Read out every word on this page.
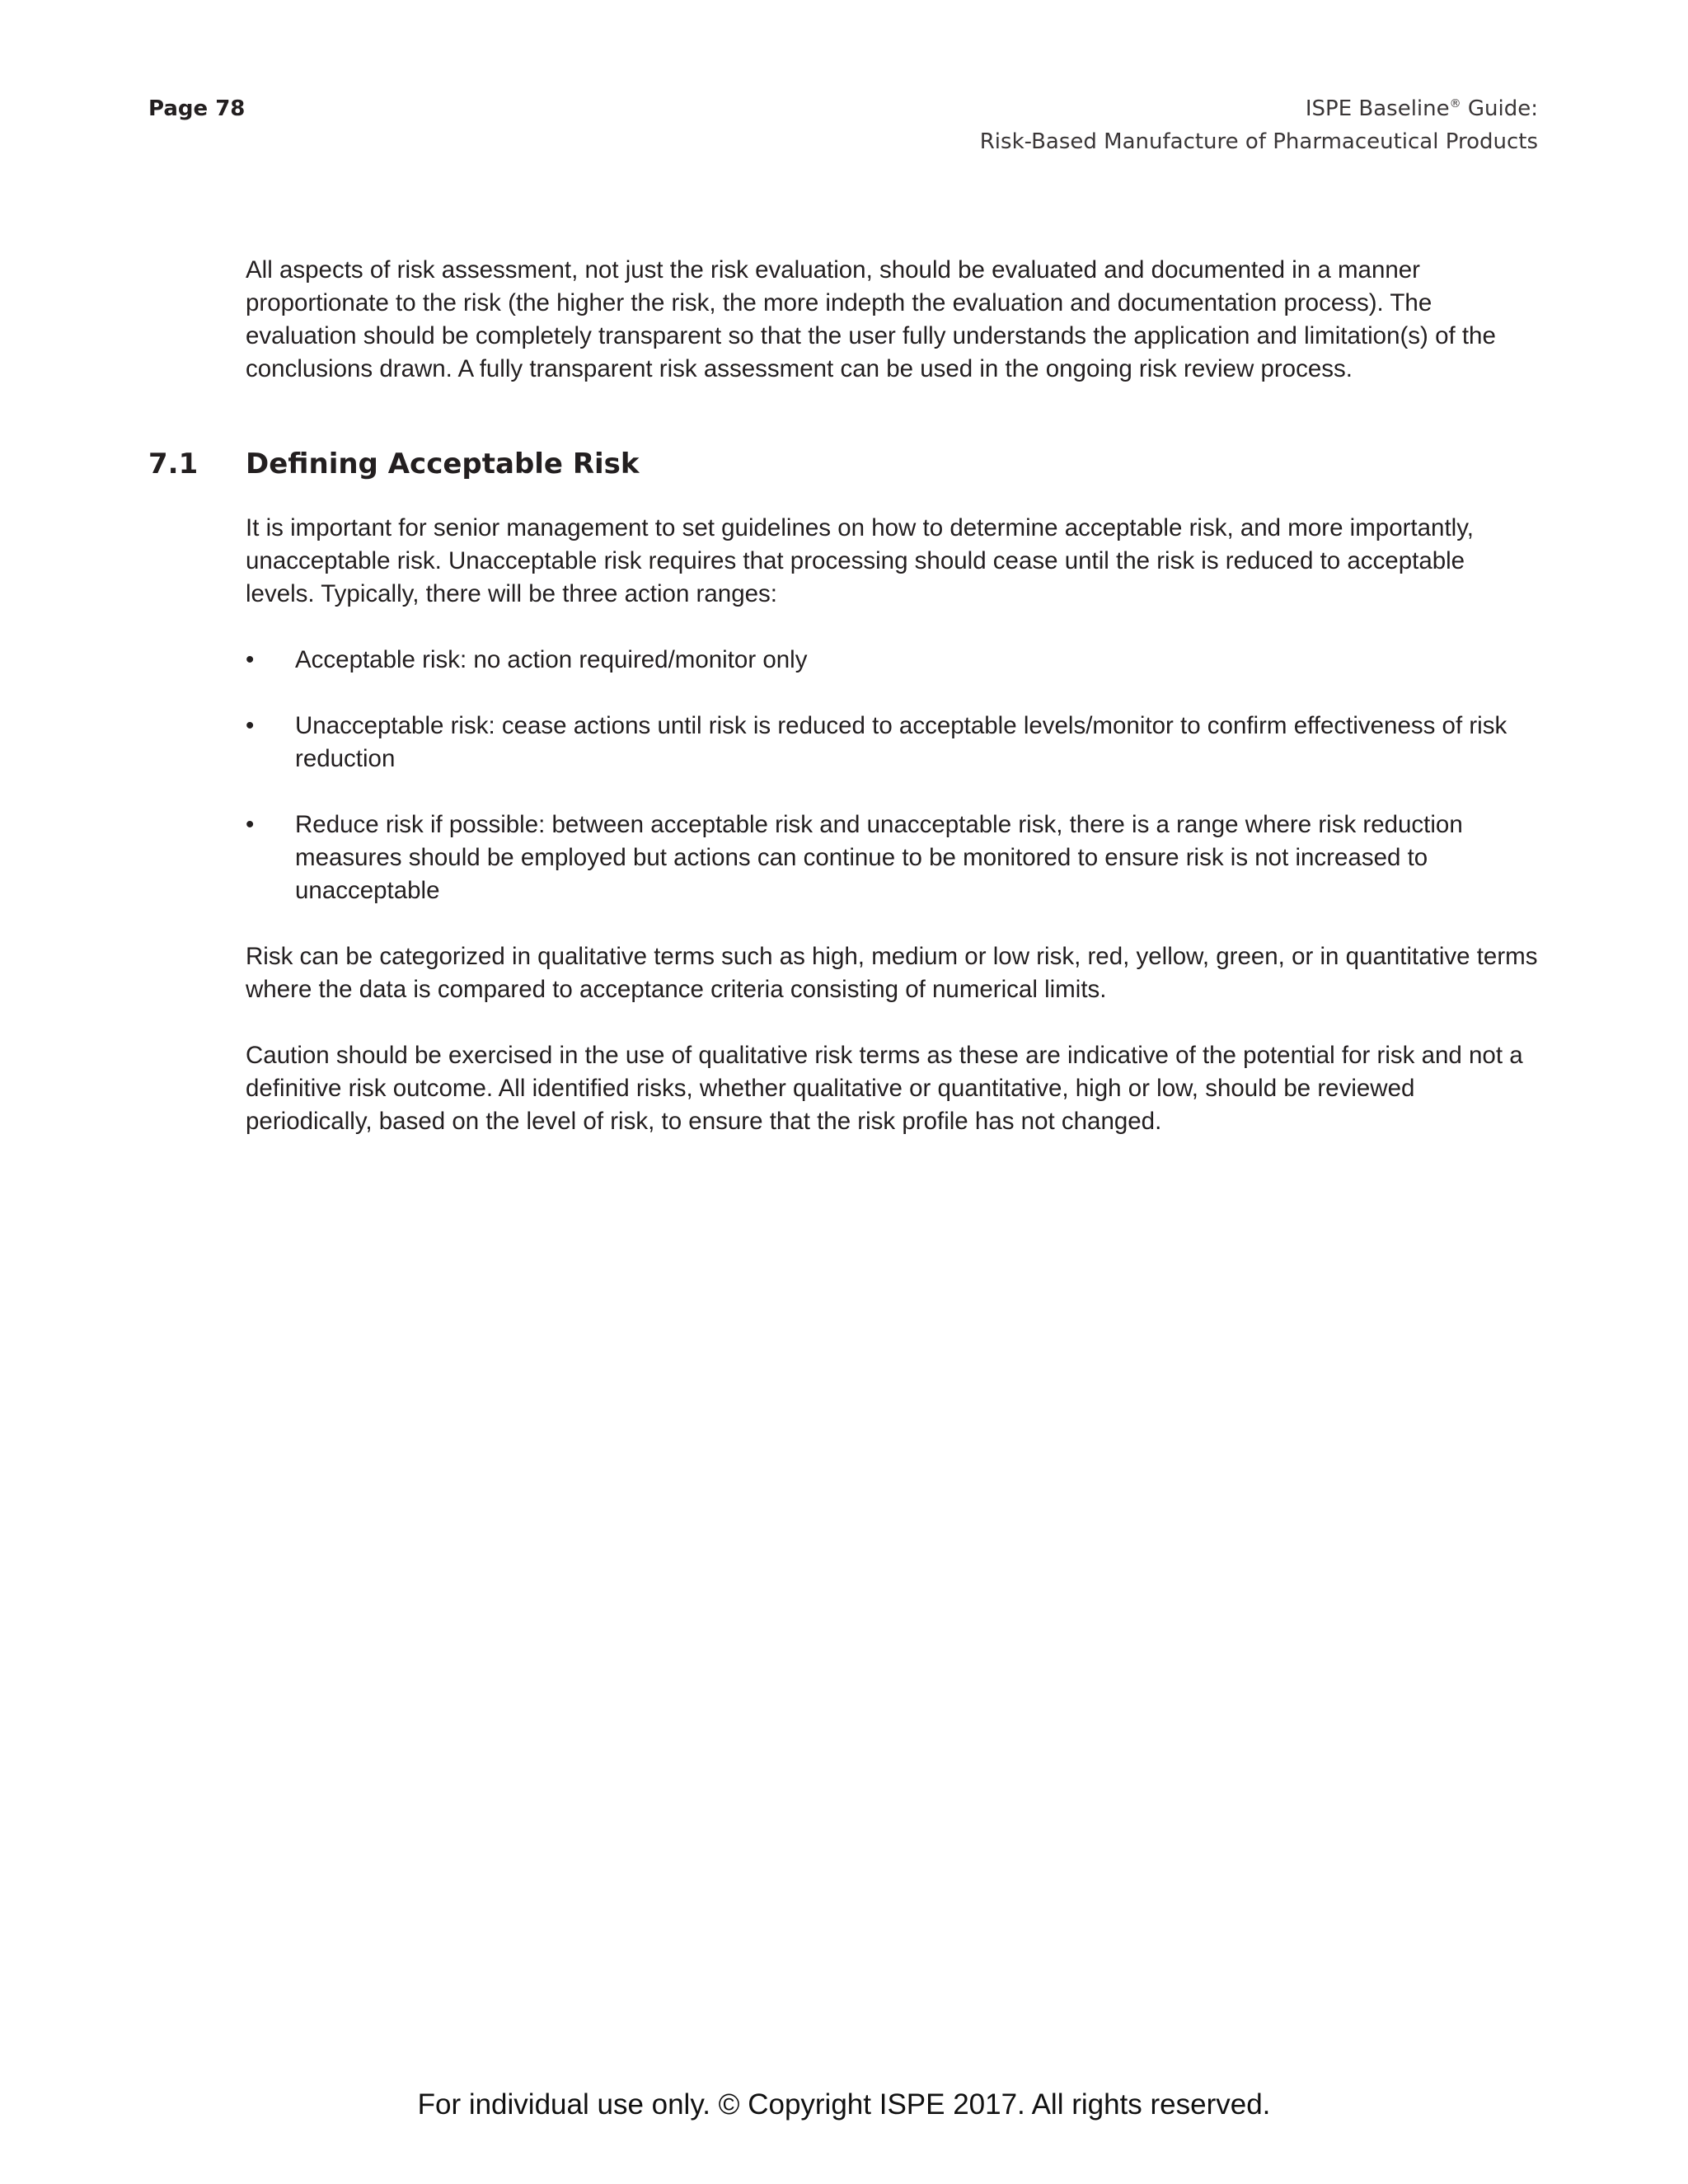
Page 78	ISPE Baseline® Guide:
Risk-Based Manufacture of Pharmaceutical Products

All aspects of risk assessment, not just the risk evaluation, should be evaluated and documented in a manner proportionate to the risk (the higher the risk, the more indepth the evaluation and documentation process). The evaluation should be completely transparent so that the user fully understands the application and limitation(s) of the conclusions drawn. A fully transparent risk assessment can be used in the ongoing risk review process.

7.1 Defining Acceptable Risk

It is important for senior management to set guidelines on how to determine acceptable risk, and more importantly, unacceptable risk. Unacceptable risk requires that processing should cease until the risk is reduced to acceptable levels. Typically, there will be three action ranges:

• Acceptable risk: no action required/monitor only
• Unacceptable risk: cease actions until risk is reduced to acceptable levels/monitor to confirm effectiveness of risk reduction
• Reduce risk if possible: between acceptable risk and unacceptable risk, there is a range where risk reduction measures should be employed but actions can continue to be monitored to ensure risk is not increased to unacceptable

Risk can be categorized in qualitative terms such as high, medium or low risk, red, yellow, green, or in quantitative terms where the data is compared to acceptance criteria consisting of numerical limits.

Caution should be exercised in the use of qualitative risk terms as these are indicative of the potential for risk and not a definitive risk outcome. All identified risks, whether qualitative or quantitative, high or low, should be reviewed periodically, based on the level of risk, to ensure that the risk profile has not changed.

For individual use only. © Copyright ISPE 2017. All rights reserved.
